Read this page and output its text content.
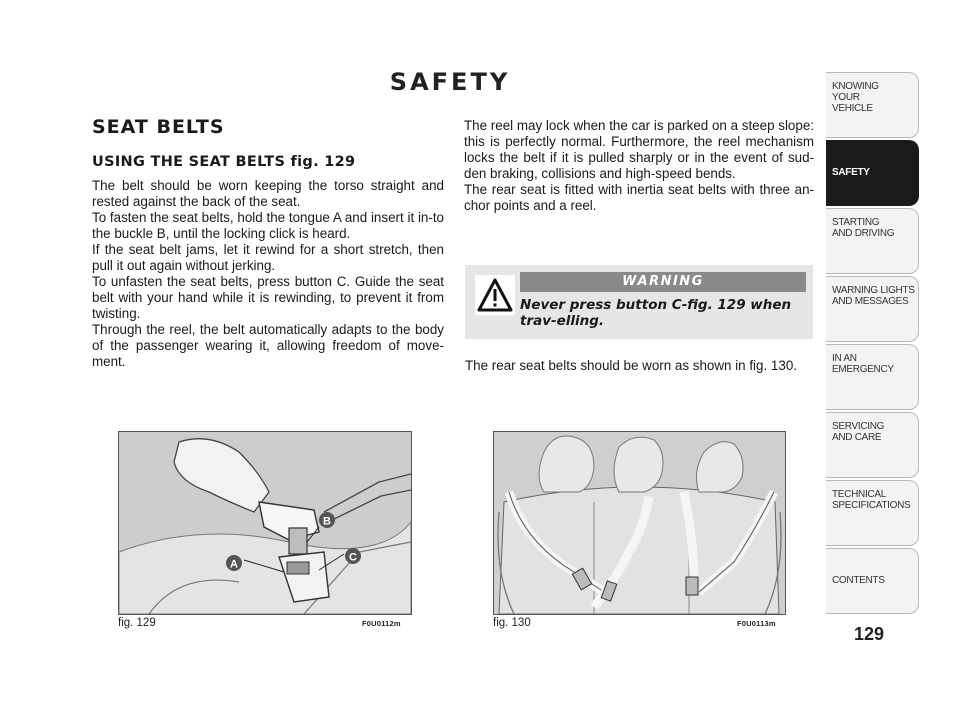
SAFETY
SEAT BELTS
USING THE SEAT BELTS fig. 129

The belt should be worn keeping the torso straight and rested against the back of the seat.

To fasten the seat belts, hold the tongue A and insert it in-to the buckle B, until the locking click is heard.

If the seat belt jams, let it rewind for a short stretch, then pull it out again without jerking.

To unfasten the seat belts, press button C. Guide the seat belt with your hand while it is rewinding, to prevent it from twisting.

Through the reel, the belt automatically adapts to the body of the passenger wearing it, allowing freedom of move-ment.

The reel may lock when the car is parked on a steep slope: this is perfectly normal. Furthermore, the reel mechanism locks the belt if it is pulled sharply or in the event of sud-den braking, collisions and high-speed bends.

The rear seat is fitted with inertia seat belts with three an-chor points and a reel.

WARNING
Never press button C-fig. 129 when trav-elling.
The rear seat belts should be worn as shown in fig. 130.
A
B
C
fig. 129	F0U0112m	fig. 130	F0U0113m
KNOWING
YOUR
VEHICLE
SAFETY
STARTING
AND DRIVING
WARNING LIGHTS
AND MESSAGES
IN AN
EMERGENCY
SERVICING
AND CARE
TECHNICAL
SPECIFICATIONS
CONTENTS
129
